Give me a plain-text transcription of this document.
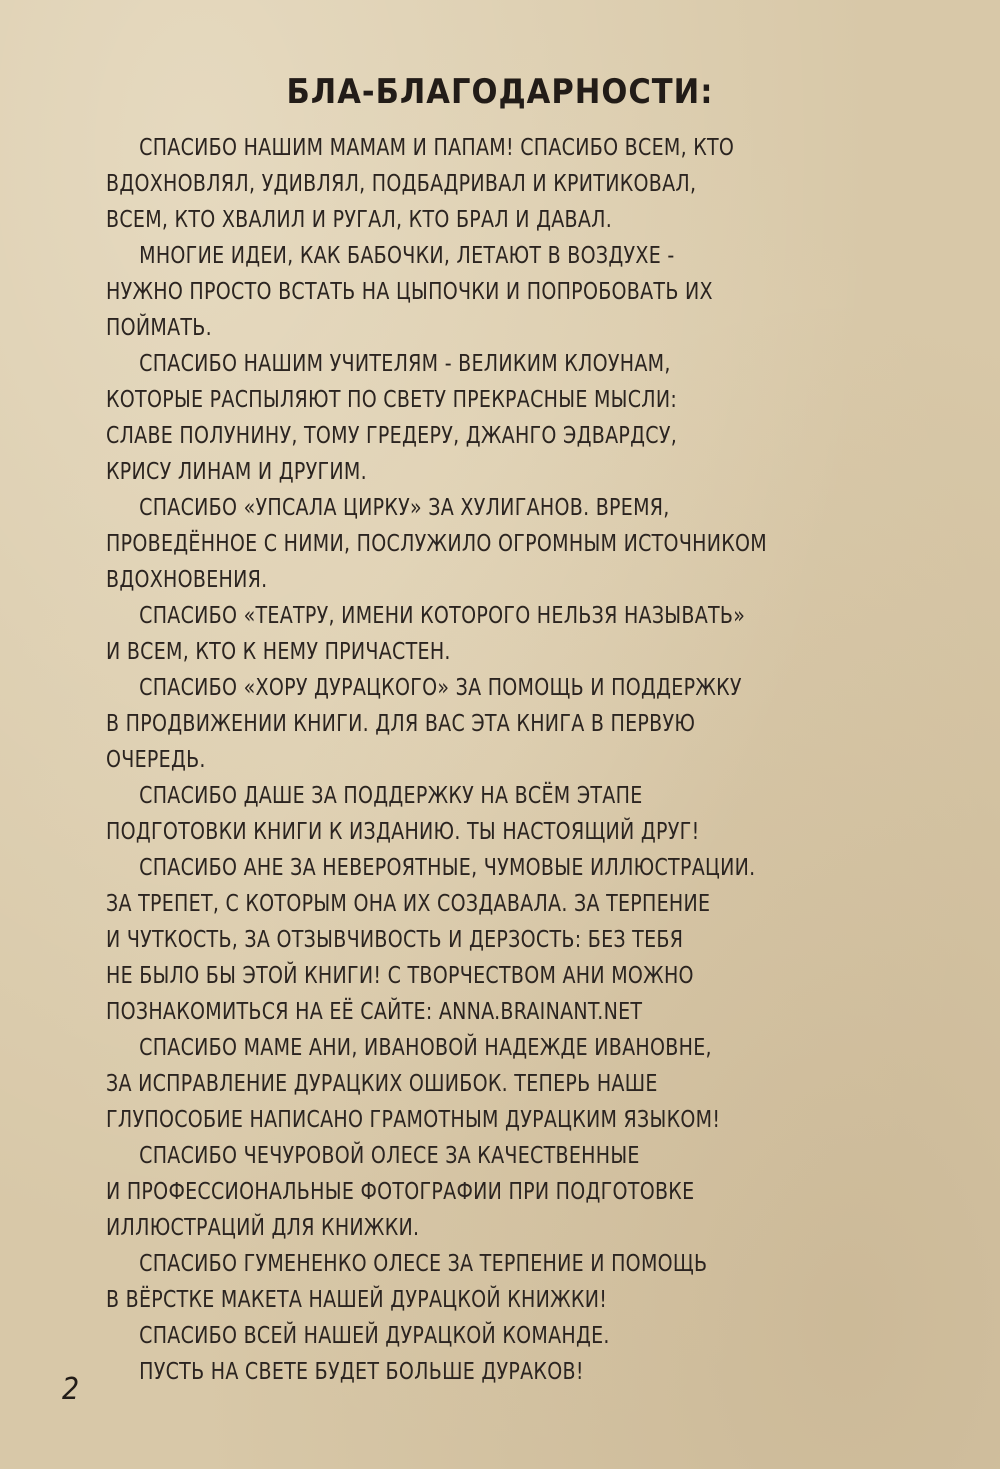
БЛА-БЛАГОДАРНОСТИ:
СПАСИБО НАШИМ МАМАМ И ПАПАМ! СПАСИБО ВСЕМ, КТО
ВДОХНОВЛЯЛ, УДИВЛЯЛ, ПОДБАДРИВАЛ И КРИТИКОВАЛ,
ВСЕМ, КТО ХВАЛИЛ И РУГАЛ, КТО БРАЛ И ДАВАЛ.
МНОГИЕ ИДЕИ, КАК БАБОЧКИ, ЛЕТАЮТ В ВОЗДУХЕ -
НУЖНО ПРОСТО ВСТАТЬ НА ЦЫПОЧКИ И ПОПРОБОВАТЬ ИХ
ПОЙМАТЬ.
СПАСИБО НАШИМ УЧИТЕЛЯМ - ВЕЛИКИМ КЛОУНАМ,
КОТОРЫЕ РАСПЫЛЯЮТ ПО СВЕТУ ПРЕКРАСНЫЕ МЫСЛИ:
СЛАВЕ ПОЛУНИНУ, ТОМУ ГРЕДЕРУ, ДЖАНГО ЭДВАРДСУ,
КРИСУ ЛИНАМ И ДРУГИМ.
СПАСИБО «УПСАЛА ЦИРКУ» ЗА ХУЛИГАНОВ. ВРЕМЯ,
ПРОВЕДЁННОЕ С НИМИ, ПОСЛУЖИЛО ОГРОМНЫМ ИСТОЧНИКОМ
ВДОХНОВЕНИЯ.
СПАСИБО «ТЕАТРУ, ИМЕНИ КОТОРОГО НЕЛЬЗЯ НАЗЫВАТЬ»
И ВСЕМ, КТО К НЕМУ ПРИЧАСТЕН.
СПАСИБО «ХОРУ ДУРАЦКОГО» ЗА ПОМОЩЬ И ПОДДЕРЖКУ
В ПРОДВИЖЕНИИ КНИГИ. ДЛЯ ВАС ЭТА КНИГА В ПЕРВУЮ
ОЧЕРЕДЬ.
СПАСИБО ДАШЕ ЗА ПОДДЕРЖКУ НА ВСЁМ ЭТАПЕ
ПОДГОТОВКИ КНИГИ К ИЗДАНИЮ. ТЫ НАСТОЯЩИЙ ДРУГ!
СПАСИБО АНЕ ЗА НЕВЕРОЯТНЫЕ, ЧУМОВЫЕ ИЛЛЮСТРАЦИИ.
ЗА ТРЕПЕТ, С КОТОРЫМ ОНА ИХ СОЗДАВАЛА. ЗА ТЕРПЕНИЕ
И ЧУТКОСТЬ, ЗА ОТЗЫВЧИВОСТЬ И ДЕРЗОСТЬ: БЕЗ ТЕБЯ
НЕ БЫЛО БЫ ЭТОЙ КНИГИ! С ТВОРЧЕСТВОМ АНИ МОЖНО
ПОЗНАКОМИТЬСЯ НА ЕЁ САЙТЕ: ANNA.BRAINANT.NET
СПАСИБО МАМЕ АНИ, ИВАНОВОЙ НАДЕЖДЕ ИВАНОВНЕ,
ЗА ИСПРАВЛЕНИЕ ДУРАЦКИХ ОШИБОК. ТЕПЕРЬ НАШЕ
ГЛУПОСОБИЕ НАПИСАНО ГРАМОТНЫМ ДУРАЦКИМ ЯЗЫКОМ!
СПАСИБО ЧЕЧУРОВОЙ ОЛЕСЕ ЗА КАЧЕСТВЕННЫЕ
И ПРОФЕССИОНАЛЬНЫЕ ФОТОГРАФИИ ПРИ ПОДГОТОВКЕ
ИЛЛЮСТРАЦИЙ ДЛЯ КНИЖКИ.
СПАСИБО ГУМЕНЕНКО ОЛЕСЕ ЗА ТЕРПЕНИЕ И ПОМОЩЬ
В ВЁРСТКЕ МАКЕТА НАШЕЙ ДУРАЦКОЙ КНИЖКИ!
СПАСИБО ВСЕЙ НАШЕЙ ДУРАЦКОЙ КОМАНДЕ.
ПУСТЬ НА СВЕТЕ БУДЕТ БОЛЬШЕ ДУРАКОВ!
2
